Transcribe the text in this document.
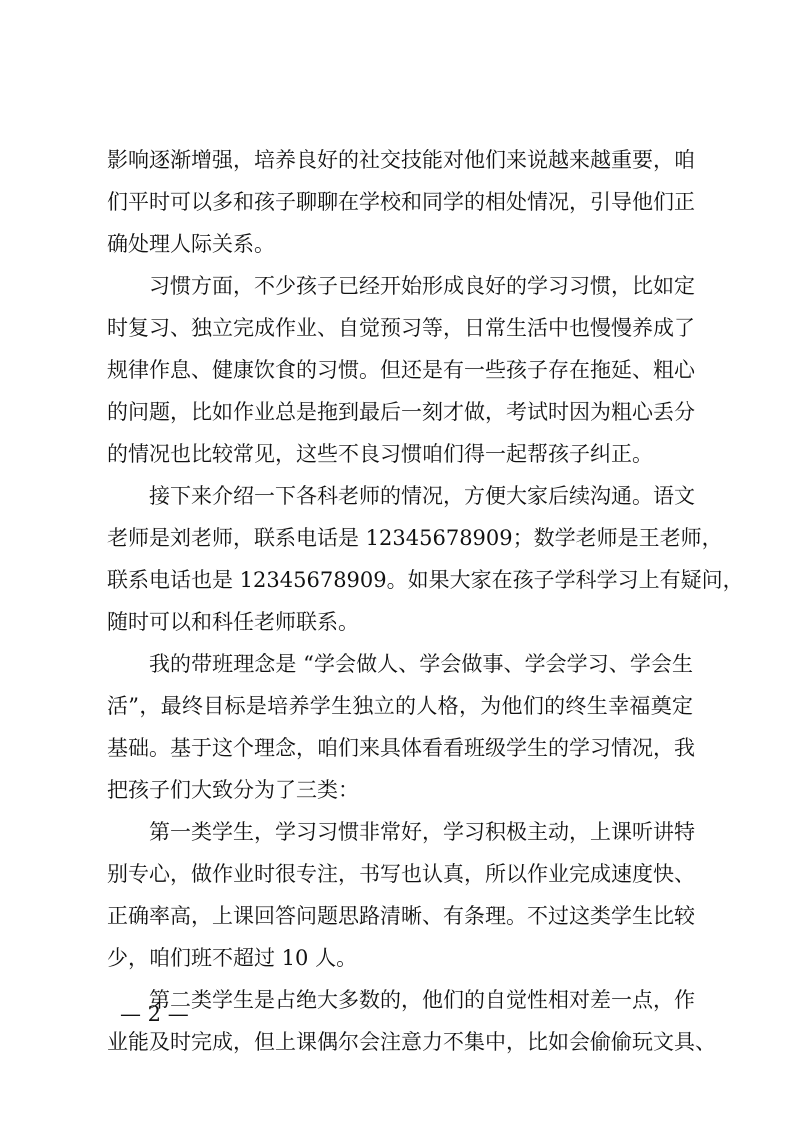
影响逐渐增强，培养良好的社交技能对他们来说越来越重要，咱
们平时可以多和孩子聊聊在学校和同学的相处情况，引导他们正
确处理人际关系。
习惯方面，不少孩子已经开始形成良好的学习习惯，比如定
时复习、独立完成作业、自觉预习等，日常生活中也慢慢养成了
规律作息、健康饮食的习惯。但还是有一些孩子存在拖延、粗心
的问题，比如作业总是拖到最后一刻才做，考试时因为粗心丢分
的情况也比较常见，这些不良习惯咱们得一起帮孩子纠正。
接下来介绍一下各科老师的情况，方便大家后续沟通。语文
老师是刘老师，联系电话是 12345678909；数学老师是王老师，
联系电话也是 12345678909。如果大家在孩子学科学习上有疑问，
随时可以和科任老师联系。
我的带班理念是 “学会做人、学会做事、学会学习、学会生
活”，最终目标是培养学生独立的人格，为他们的终生幸福奠定
基础。基于这个理念，咱们来具体看看班级学生的学习情况，我
把孩子们大致分为了三类：
第一类学生，学习习惯非常好，学习积极主动，上课听讲特
别专心，做作业时很专注，书写也认真，所以作业完成速度快、
正确率高，上课回答问题思路清晰、有条理。不过这类学生比较
少，咱们班不超过 10 人。
第二类学生是占绝大多数的，他们的自觉性相对差一点，作
业能及时完成，但上课偶尔会注意力不集中，比如会偷偷玩文具、
— 2 —
